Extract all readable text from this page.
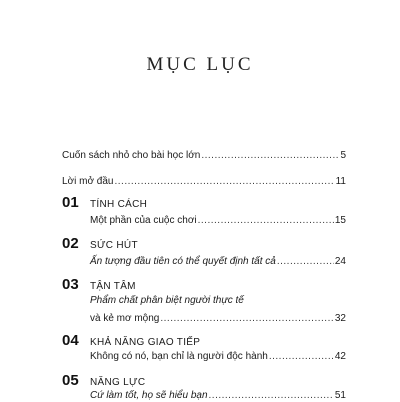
MỤC LỤC
Cuốn sách nhỏ cho bài học lớn .....	5
Lời mở đầu .....	11
01	TÍNH CÁCH
Một phần của cuộc chơi .....	15
02	SỨC HÚT
Ấn tượng đầu tiên có thể quyết định tất cả .....	24
03	TẬN TÂM
Phẩm chất phân biệt người thực tế
và kẻ mơ mộng .....	32
04	KHẢ NĂNG GIAO TIẾP
Không có nó, bạn chỉ là người độc hành .....	42
05	NĂNG LỰC
Cứ làm tốt, họ sẽ hiểu bạn .....	51
